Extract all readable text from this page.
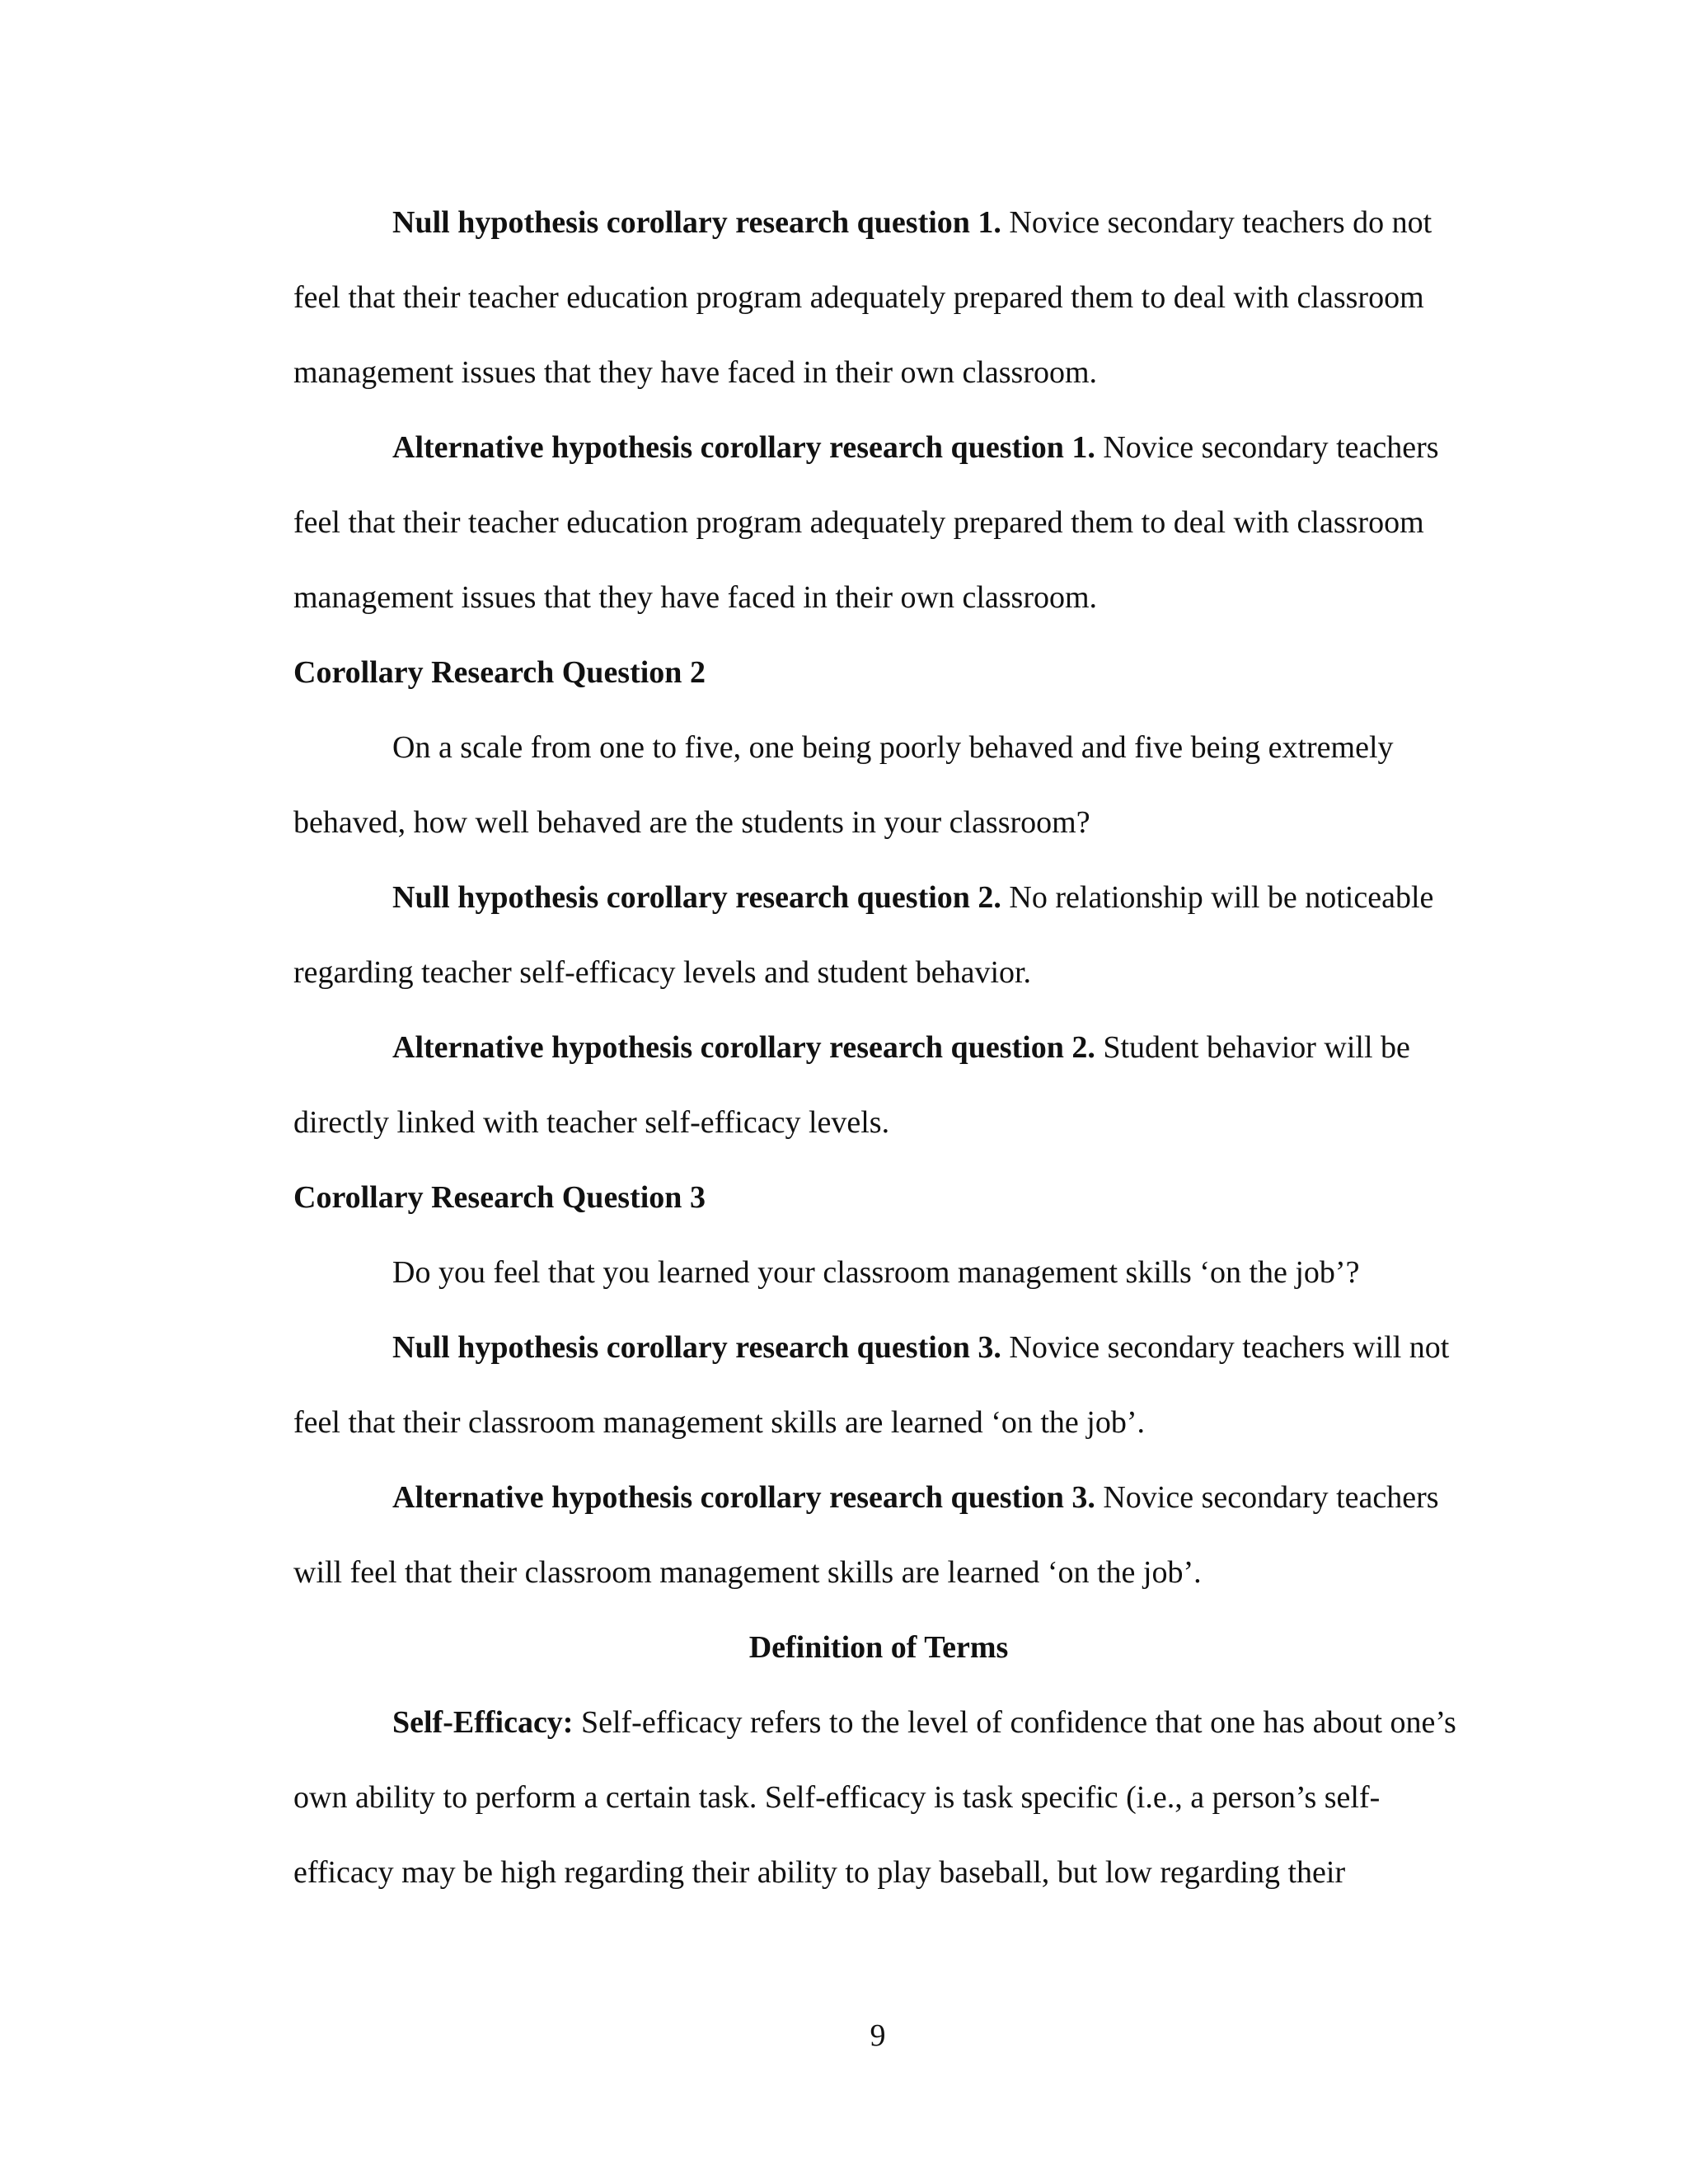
Null hypothesis corollary research question 1. Novice secondary teachers do not feel that their teacher education program adequately prepared them to deal with classroom management issues that they have faced in their own classroom.

Alternative hypothesis corollary research question 1. Novice secondary teachers feel that their teacher education program adequately prepared them to deal with classroom management issues that they have faced in their own classroom.

Corollary Research Question 2

On a scale from one to five, one being poorly behaved and five being extremely behaved, how well behaved are the students in your classroom?

Null hypothesis corollary research question 2. No relationship will be noticeable regarding teacher self-efficacy levels and student behavior.

Alternative hypothesis corollary research question 2. Student behavior will be directly linked with teacher self-efficacy levels.

Corollary Research Question 3

Do you feel that you learned your classroom management skills ‘on the job’?

Null hypothesis corollary research question 3. Novice secondary teachers will not feel that their classroom management skills are learned ‘on the job’.

Alternative hypothesis corollary research question 3. Novice secondary teachers will feel that their classroom management skills are learned ‘on the job’.

Definition of Terms

Self-Efficacy: Self-efficacy refers to the level of confidence that one has about one’s own ability to perform a certain task. Self-efficacy is task specific (i.e., a person’s self-efficacy may be high regarding their ability to play baseball, but low regarding their

9
